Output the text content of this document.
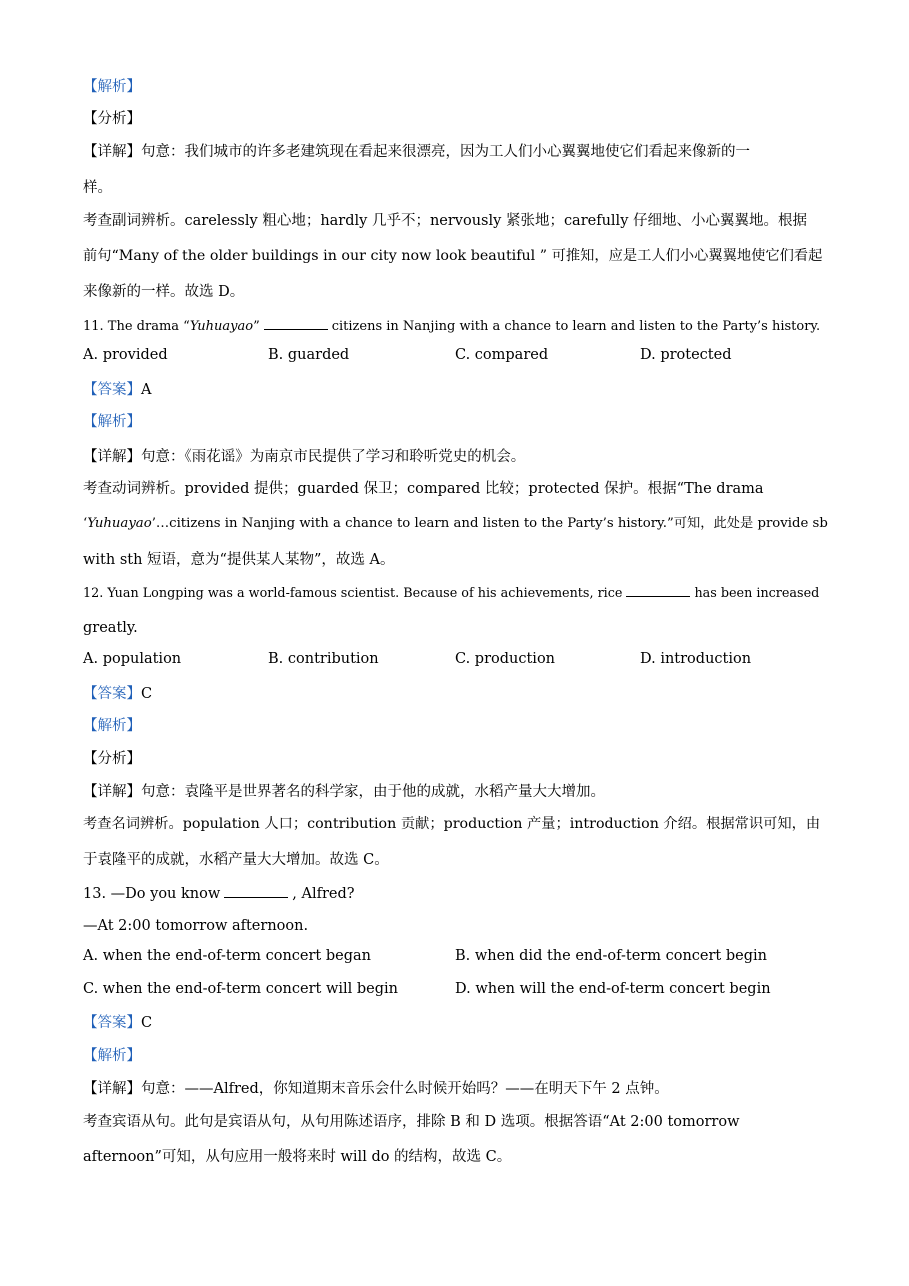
【解析】
【分析】
【详解】句意：我们城市的许多老建筑现在看起来很漂亮，因为工人们小心翼翼地使它们看起来像新的一
样。
考查副词辨析。carelessly 粗心地；hardly 几乎不；nervously 紧张地；carefully 仔细地、小心翼翼地。根据
前句“Many of the older buildings in our city now look beautiful ” 可推知，应是工人们小心翼翼地使它们看起
来像新的一样。故选 D。
11. The drama “Yuhuayao”	citizens in Nanjing with a chance to learn and listen to the Party’s history.
A. provided	B. guarded	C. compared	D. protected
【答案】A
【解析】
【详解】句意：《雨花谣》为南京市民提供了学习和聆听党史的机会。
考查动词辨析。provided 提供；guarded 保卫；compared 比较；protected 保护。根据“The drama
‘Yuhuayao’…citizens in Nanjing with a chance to learn and listen to the Party’s history.”可知，此处是 provide sb
with sth 短语，意为“提供某人某物”，故选 A。
12. Yuan Longping was a world-famous scientist. Because of his achievements, rice	has been increased
greatly.
A. population	B. contribution	C. production	D. introduction
【答案】C
【解析】
【分析】
【详解】句意：袁隆平是世界著名的科学家，由于他的成就，水稻产量大大增加。
考查名词辨析。population 人口；contribution 贡献；production 产量；introduction 介绍。根据常识可知，由
于袁隆平的成就，水稻产量大大增加。故选 C。
13. —Do you know	, Alfred?
—At 2:00 tomorrow afternoon.
A. when the end-of-term concert began	B. when did the end-of-term concert begin
C. when the end-of-term concert will begin	D. when will the end-of-term concert begin
【答案】C
【解析】
【详解】句意：——Alfred，你知道期末音乐会什么时候开始吗？——在明天下午 2 点钟。
考查宾语从句。此句是宾语从句，从句用陈述语序，排除 B 和 D 选项。根据答语“At 2:00 tomorrow
afternoon”可知，从句应用一般将来时 will do 的结构，故选 C。
